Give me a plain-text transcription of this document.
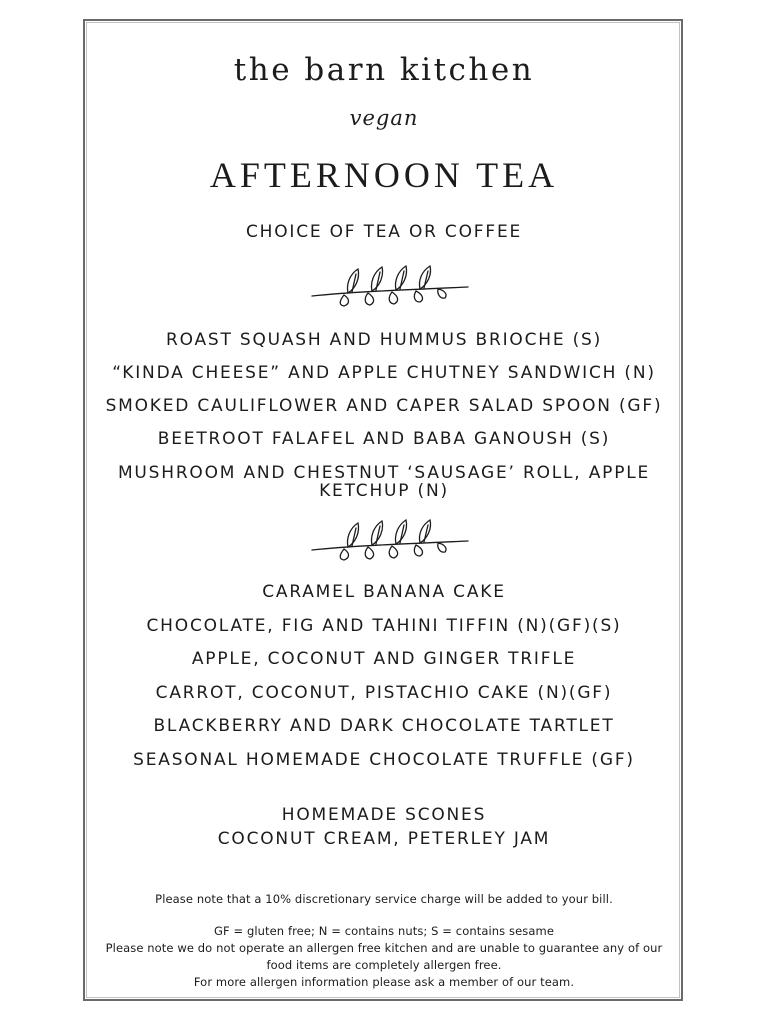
the barn kitchen
vegan
AFTERNOON TEA
CHOICE OF TEA OR COFFEE
ROAST SQUASH AND HUMMUS BRIOCHE (S)
“KINDA CHEESE” AND APPLE CHUTNEY SANDWICH (N)
SMOKED CAULIFLOWER AND CAPER SALAD SPOON (GF)
BEETROOT FALAFEL AND BABA GANOUSH (S)
MUSHROOM AND CHESTNUT ‘SAUSAGE’ ROLL, APPLE
KETCHUP (N)
CARAMEL BANANA CAKE
CHOCOLATE, FIG AND TAHINI TIFFIN (N)(GF)(S)
APPLE, COCONUT AND GINGER TRIFLE
CARROT, COCONUT, PISTACHIO CAKE (N)(GF)
BLACKBERRY AND DARK CHOCOLATE TARTLET
SEASONAL HOMEMADE CHOCOLATE TRUFFLE (GF)
HOMEMADE SCONES
COCONUT CREAM, PETERLEY JAM
Please note that a 10% discretionary service charge will be added to your bill.
GF = gluten free; N = contains nuts; S = contains sesame
Please note we do not operate an allergen free kitchen and are unable to guarantee any of our
food items are completely allergen free.
For more allergen information please ask a member of our team.
